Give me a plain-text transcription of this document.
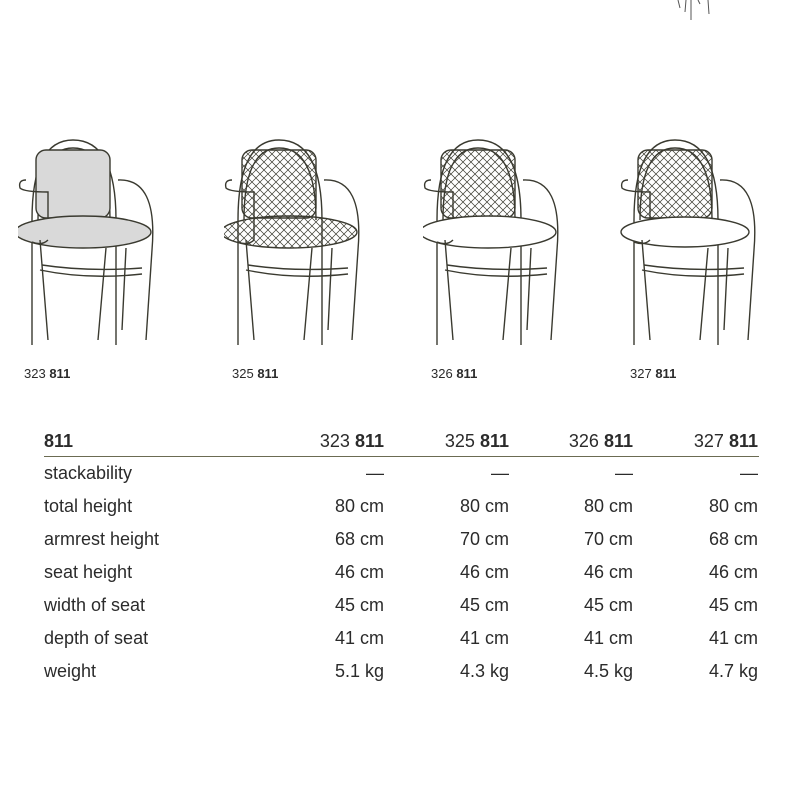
323 811	325 811	326 811	327 811
811	323 811	325 811	326 811	327 811
stackability	—	—	—	—
total height	80 cm	80 cm	80 cm	80 cm
armrest height	68 cm	70 cm	70 cm	68 cm
seat height	46 cm	46 cm	46 cm	46 cm
width of seat	45 cm	45 cm	45 cm	45 cm
depth of seat	41 cm	41 cm	41 cm	41 cm
weight	5.1 kg	4.3 kg	4.5 kg	4.7 kg
